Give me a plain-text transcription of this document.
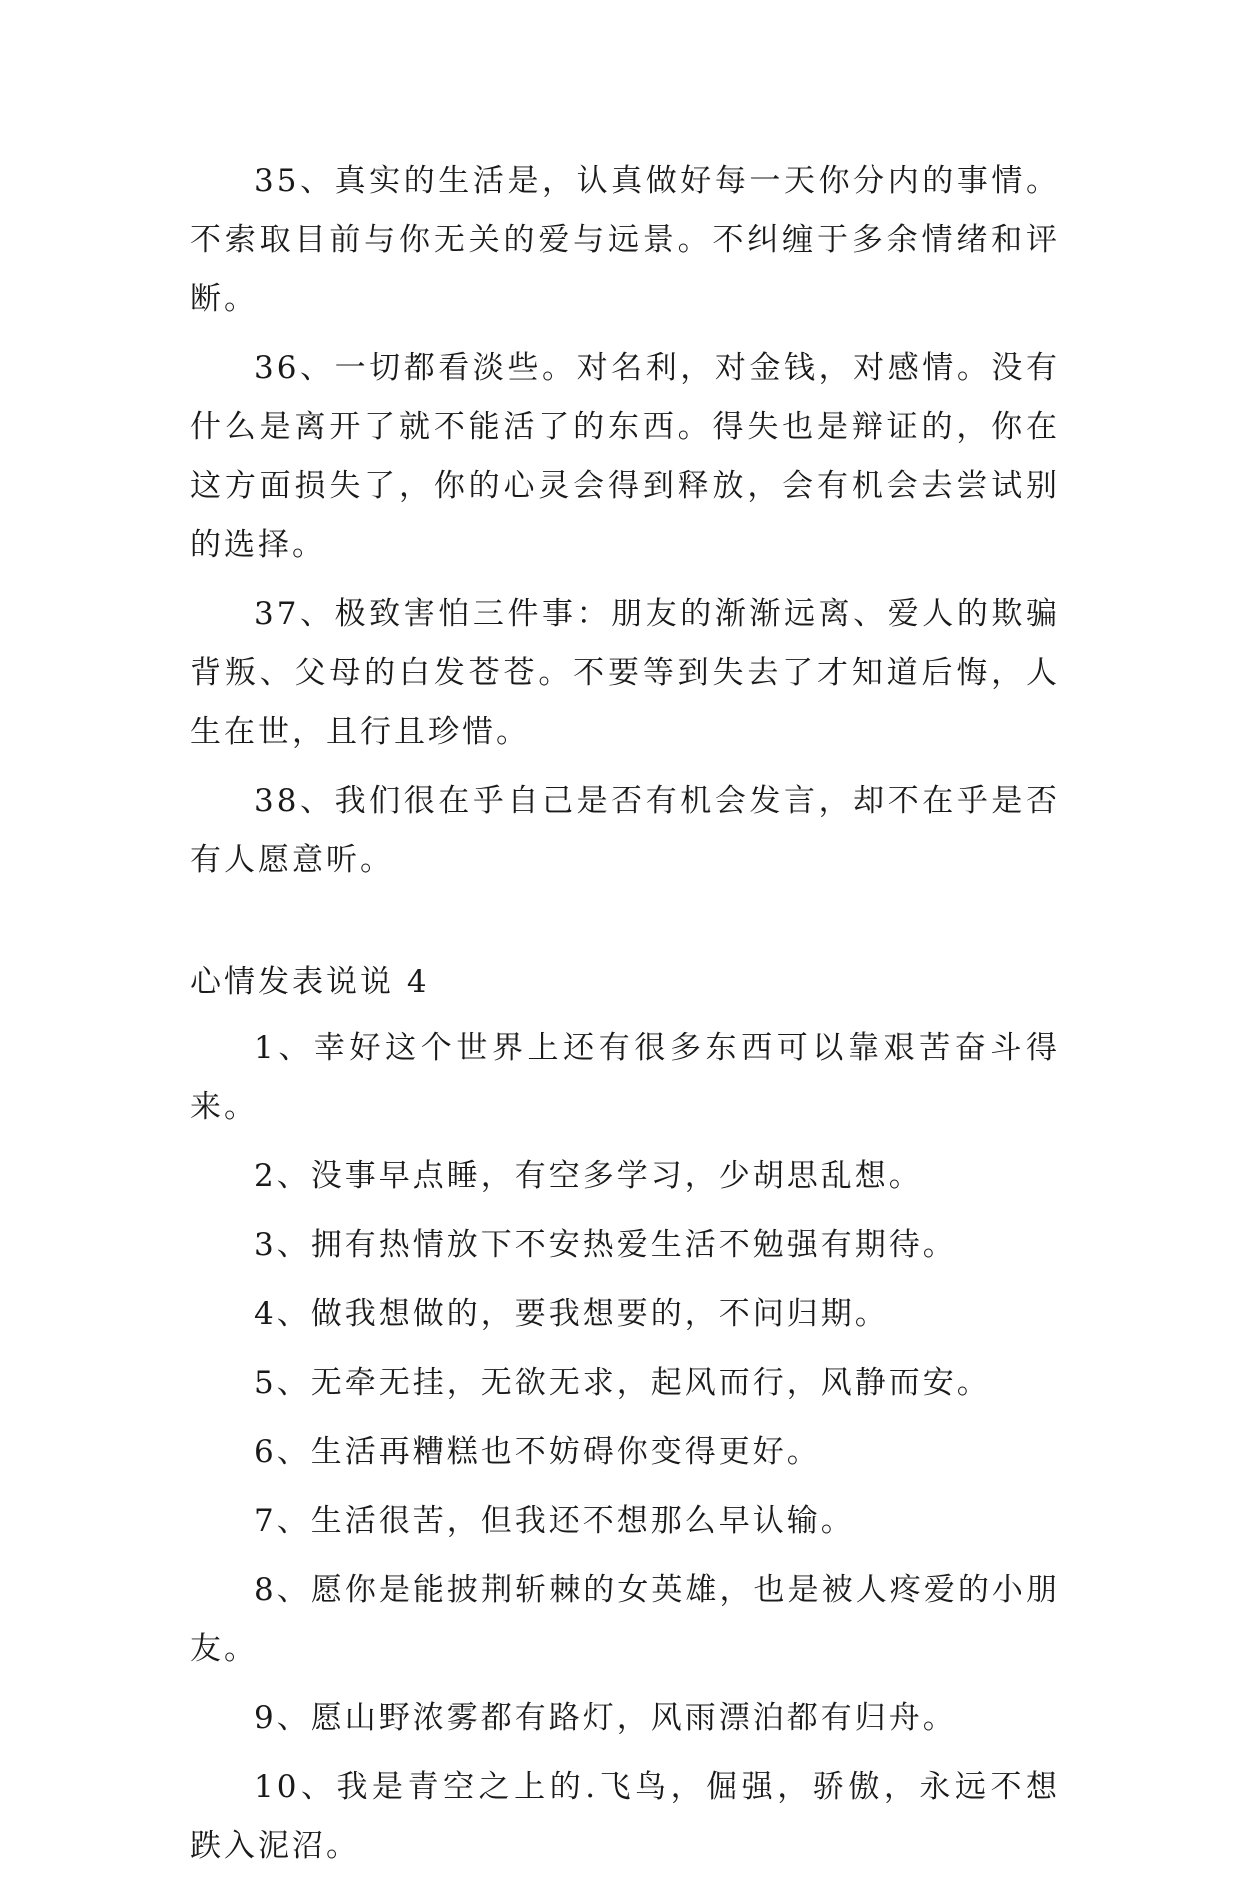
35、真实的生活是，认真做好每一天你分内的事情。不索取目前与你无关的爱与远景。不纠缠于多余情绪和评断。

36、一切都看淡些。对名利，对金钱，对感情。没有什么是离开了就不能活了的东西。得失也是辩证的，你在这方面损失了，你的心灵会得到释放，会有机会去尝试别的选择。

37、极致害怕三件事：朋友的渐渐远离、爱人的欺骗背叛、父母的白发苍苍。不要等到失去了才知道后悔，人生在世，且行且珍惜。

38、我们很在乎自己是否有机会发言，却不在乎是否有人愿意听。

心情发表说说 4

1、幸好这个世界上还有很多东西可以靠艰苦奋斗得来。

2、没事早点睡，有空多学习，少胡思乱想。

3、拥有热情放下不安热爱生活不勉强有期待。

4、做我想做的，要我想要的，不问归期。

5、无牵无挂，无欲无求，起风而行，风静而安。

6、生活再糟糕也不妨碍你变得更好。

7、生活很苦，但我还不想那么早认输。

8、愿你是能披荆斩棘的女英雄，也是被人疼爱的小朋友。

9、愿山野浓雾都有路灯，风雨漂泊都有归舟。

10、我是青空之上的.飞鸟，倔强，骄傲，永远不想跌入泥沼。
